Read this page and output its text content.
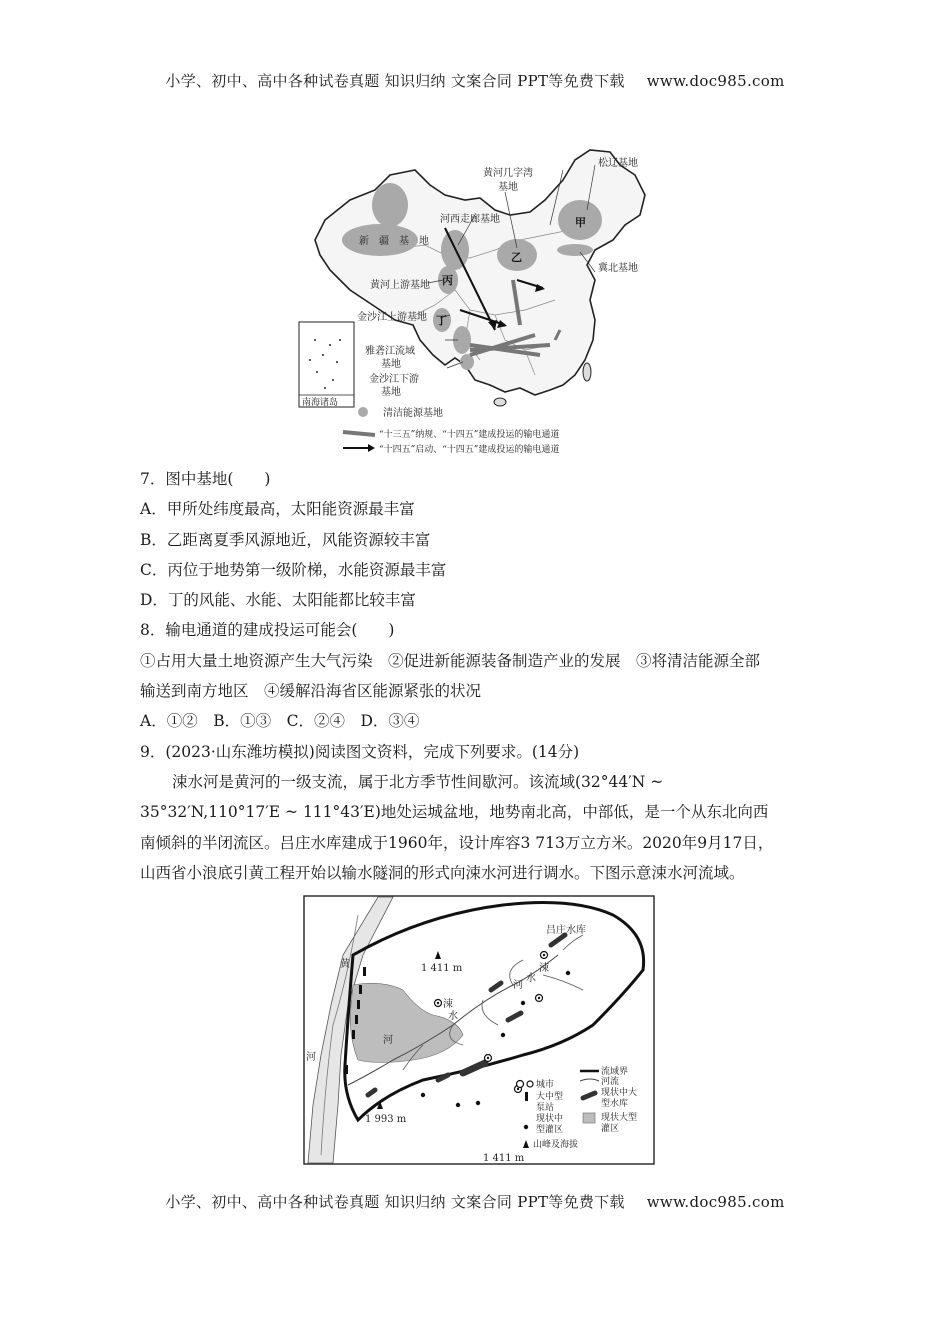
小学、初中、高中各种试卷真题 知识归纳 文案合同 PPT等免费下载 www.doc985.com
松辽基地
黄河几字湾
基地
河西走廊基地
新　疆　基　地
甲
乙
丙
丁
冀北基地
黄河上游基地
金沙江上游基地
雅砻江流域
基地
金沙江下游
基地
南海诸岛
清洁能源基地
“十三五”纳规、“十四五”建成投运的输电通道
“十四五”启动、“十四五”建成投运的输电通道
7．图中基地(　　)
A．甲所处纬度最高，太阳能资源最丰富
B．乙距离夏季风源地近，风能资源较丰富
C．丙位于地势第一级阶梯，水能资源最丰富
D．丁的风能、水能、太阳能都比较丰富
8．输电通道的建成投运可能会(　　)
①占用大量土地资源产生大气污染　②促进新能源装备制造产业的发展　③将清洁能源全部
输送到南方地区　④缓解沿海省区能源紧张的状况
A．①②　B．①③　C．②④　D．③④
9．(2023·山东潍坊模拟)阅读图文资料，完成下列要求。(14分)
涑水河是黄河的一级支流，属于北方季节性间歇河。该流域(32°44′N ~
35°32′N,110°17′E ~ 111°43′E)地处运城盆地，地势南北高，中部低，是一个从东北向西
南倾斜的半闭流区。吕庄水库建成于1960年，设计库容3 713万立方米。2020年9月17日，
山西省小浪底引黄工程开始以输水隧洞的形式向涑水河进行调水。下图示意涑水河流域。
1 411 m
1 993 m
吕庄水库
黄
河
涑
河
水
涑
水
河
流域界
河流
现状中大
型水库
现状大型
灌区
城市
大中型
泵站
现状中
型灌区
山峰及海拔
1 411 m
小学、初中、高中各种试卷真题 知识归纳 文案合同 PPT等免费下载 www.doc985.com
